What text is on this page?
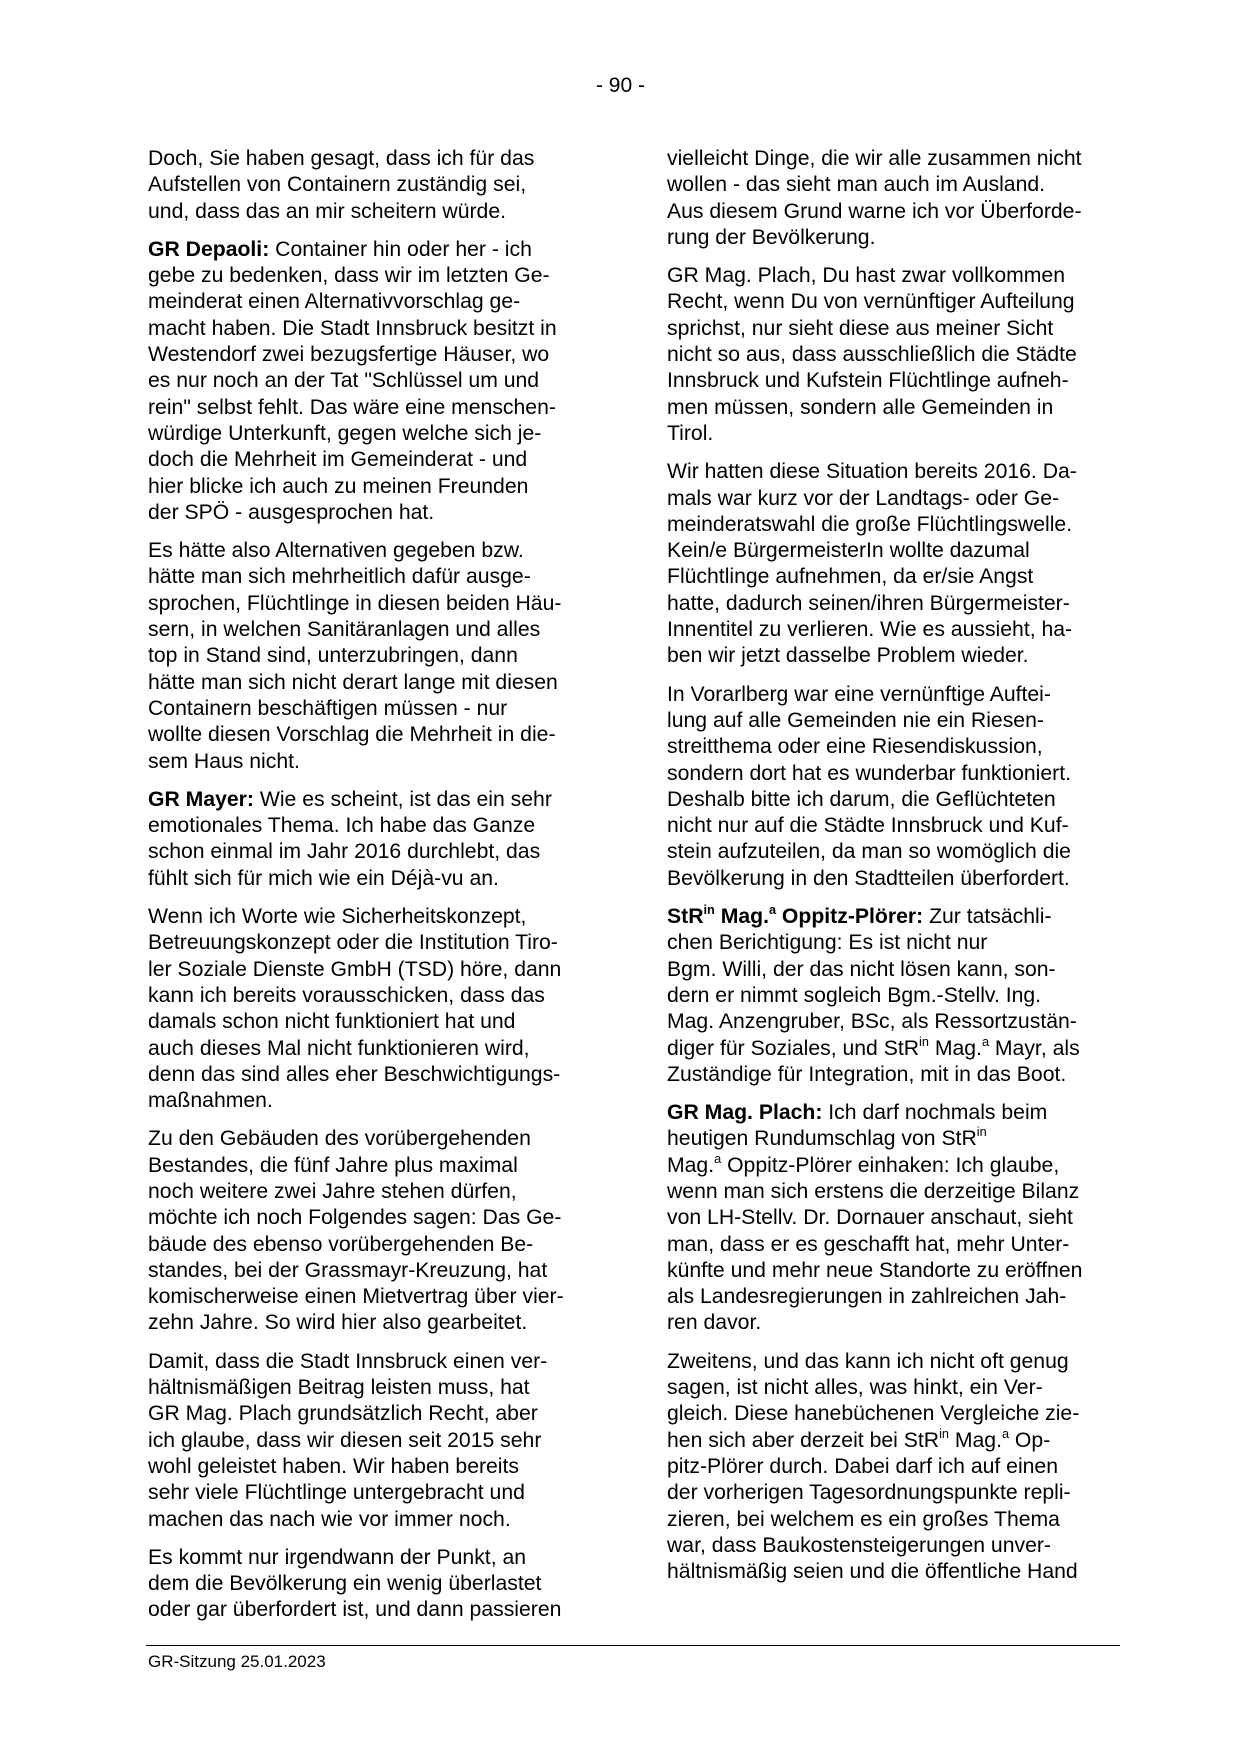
- 90 -

Doch, Sie haben gesagt, dass ich für das
Aufstellen von Containern zuständig sei,
und, dass das an mir scheitern würde.

GR Depaoli: Container hin oder her - ich
gebe zu bedenken, dass wir im letzten Ge-
meinderat einen Alternativvorschlag ge-
macht haben. Die Stadt Innsbruck besitzt in
Westendorf zwei bezugsfertige Häuser, wo
es nur noch an der Tat "Schlüssel um und
rein" selbst fehlt. Das wäre eine menschen-
würdige Unterkunft, gegen welche sich je-
doch die Mehrheit im Gemeinderat - und
hier blicke ich auch zu meinen Freunden
der SPÖ - ausgesprochen hat.

Es hätte also Alternativen gegeben bzw.
hätte man sich mehrheitlich dafür ausge-
sprochen, Flüchtlinge in diesen beiden Häu-
sern, in welchen Sanitäranlagen und alles
top in Stand sind, unterzubringen, dann
hätte man sich nicht derart lange mit diesen
Containern beschäftigen müssen - nur
wollte diesen Vorschlag die Mehrheit in die-
sem Haus nicht.

GR Mayer: Wie es scheint, ist das ein sehr
emotionales Thema. Ich habe das Ganze
schon einmal im Jahr 2016 durchlebt, das
fühlt sich für mich wie ein Déjà-vu an.

Wenn ich Worte wie Sicherheitskonzept,
Betreuungskonzept oder die Institution Tiro-
ler Soziale Dienste GmbH (TSD) höre, dann
kann ich bereits vorausschicken, dass das
damals schon nicht funktioniert hat und
auch dieses Mal nicht funktionieren wird,
denn das sind alles eher Beschwichtigungs-
maßnahmen.

Zu den Gebäuden des vorübergehenden
Bestandes, die fünf Jahre plus maximal
noch weitere zwei Jahre stehen dürfen,
möchte ich noch Folgendes sagen: Das Ge-
bäude des ebenso vorübergehenden Be-
standes, bei der Grassmayr-Kreuzung, hat
komischerweise einen Mietvertrag über vier-
zehn Jahre. So wird hier also gearbeitet.

Damit, dass die Stadt Innsbruck einen ver-
hältnismäßigen Beitrag leisten muss, hat
GR Mag. Plach grundsätzlich Recht, aber
ich glaube, dass wir diesen seit 2015 sehr
wohl geleistet haben. Wir haben bereits
sehr viele Flüchtlinge untergebracht und
machen das nach wie vor immer noch.

Es kommt nur irgendwann der Punkt, an
dem die Bevölkerung ein wenig überlastet
oder gar überfordert ist, und dann passieren

vielleicht Dinge, die wir alle zusammen nicht
wollen - das sieht man auch im Ausland.
Aus diesem Grund warne ich vor Überforde-
rung der Bevölkerung.

GR Mag. Plach, Du hast zwar vollkommen
Recht, wenn Du von vernünftiger Aufteilung
sprichst, nur sieht diese aus meiner Sicht
nicht so aus, dass ausschließlich die Städte
Innsbruck und Kufstein Flüchtlinge aufneh-
men müssen, sondern alle Gemeinden in
Tirol.

Wir hatten diese Situation bereits 2016. Da-
mals war kurz vor der Landtags- oder Ge-
meinderatswahl die große Flüchtlingswelle.
Kein/e BürgermeisterIn wollte dazumal
Flüchtlinge aufnehmen, da er/sie Angst
hatte, dadurch seinen/ihren Bürgermeister-
Innentitel zu verlieren. Wie es aussieht, ha-
ben wir jetzt dasselbe Problem wieder.

In Vorarlberg war eine vernünftige Auftei-
lung auf alle Gemeinden nie ein Riesen-
streitthema oder eine Riesendiskussion,
sondern dort hat es wunderbar funktioniert.
Deshalb bitte ich darum, die Geflüchteten
nicht nur auf die Städte Innsbruck und Kuf-
stein aufzuteilen, da man so womöglich die
Bevölkerung in den Stadtteilen überfordert.

StR$^{in}$ Mag.$^a$ Oppitz-Plörer: Zur tatsächli-
chen Berichtigung: Es ist nicht nur
Bgm. Willi, der das nicht lösen kann, son-
dern er nimmt sogleich Bgm.-Stellv. Ing.
Mag. Anzengruber, BSc, als Ressortzustän-
diger für Soziales, und StR$^{in}$ Mag.$^a$ Mayr, als
Zuständige für Integration, mit in das Boot.

GR Mag. Plach: Ich darf nochmals beim
heutigen Rundumschlag von StR$^{in}$
Mag.$^a$ Oppitz-Plörer einhaken: Ich glaube,
wenn man sich erstens die derzeitige Bilanz
von LH-Stellv. Dr. Dornauer anschaut, sieht
man, dass er es geschafft hat, mehr Unter-
künfte und mehr neue Standorte zu eröffnen
als Landesregierungen in zahlreichen Jah-
ren davor.

Zweitens, und das kann ich nicht oft genug
sagen, ist nicht alles, was hinkt, ein Ver-
gleich. Diese hanebüchenen Vergleiche zie-
hen sich aber derzeit bei StR$^{in}$ Mag.$^a$ Op-
pitz-Plörer durch. Dabei darf ich auf einen
der vorherigen Tagesordnungspunkte repli-
zieren, bei welchem es ein großes Thema
war, dass Baukostensteigerungen unver-
hältnismäßig seien und die öffentliche Hand

GR-Sitzung 25.01.2023
